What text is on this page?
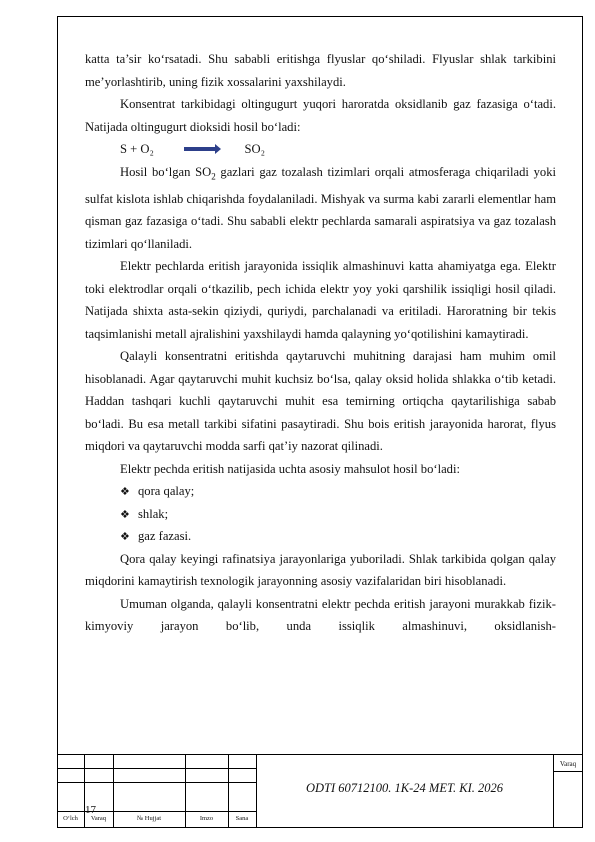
katta ta’sir ko‘rsatadi. Shu sababli eritishga flyuslar qo‘shiladi. Flyuslar shlak tarkibini me’yorlashtirib, uning fizik xossalarini yaxshilaydi.

Konsentrat tarkibidagi oltingugurt yuqori haroratda oksidlanib gaz fazasiga o‘tadi. Natijada oltingugurt dioksidi hosil bo‘ladi:

S + O₂	SO₂

Hosil bo‘lgan $SO_2$ gazlari gaz tozalash tizimlari orqali atmosferaga chiqariladi yoki sulfat kislota ishlab chiqarishda foydalaniladi. Mishyak va surma kabi zararli elementlar ham qisman gaz fazasiga o‘tadi. Shu sababli elektr pechlarda samarali aspiratsiya va gaz tozalash tizimlari qo‘llaniladi.

Elektr pechlarda eritish jarayonida issiqlik almashinuvi katta ahamiyatga ega. Elektr toki elektrodlar orqali o‘tkazilib, pech ichida elektr yoy yoki qarshilik issiqligi hosil qiladi. Natijada shixta asta-sekin qiziydi, quriydi, parchalanadi va eritiladi. Haroratning bir tekis taqsimlanishi metall ajralishini yaxshilaydi hamda qalayning yo‘qotilishini kamaytiradi.

Qalayli konsentratni eritishda qaytaruvchi muhitning darajasi ham muhim omil hisoblanadi. Agar qaytaruvchi muhit kuchsiz bo‘lsa, qalay oksid holida shlakka o‘tib ketadi. Haddan tashqari kuchli qaytaruvchi muhit esa temirning ortiqcha qaytarilishiga sabab bo‘ladi. Bu esa metall tarkibi sifatini pasaytiradi. Shu bois eritish jarayonida harorat, flyus miqdori va qaytaruvchi modda sarfi qat’iy nazorat qilinadi.

Elektr pechda eritish natijasida uchta asosiy mahsulot hosil bo‘ladi:

❖ qora qalay;
❖ shlak;
❖ gaz fazasi.

Qora qalay keyingi rafinatsiya jarayonlariga yuboriladi. Shlak tarkibida qolgan qalay miqdorini kamaytirish texnologik jarayonning asosiy vazifalaridan biri hisoblanadi.

Umuman olganda, qalayli konsentratni elektr pechda eritish jarayoni murakkab fizik-kimyoviy jarayon bo‘lib, unda issiqlik almashinuvi, oksidlanish-

17
ODTI 60712100. 1K-24 MET. KI. 2026
Varaq
O‘lch	Varaq	№ Hujjat	Imzo	Sana
